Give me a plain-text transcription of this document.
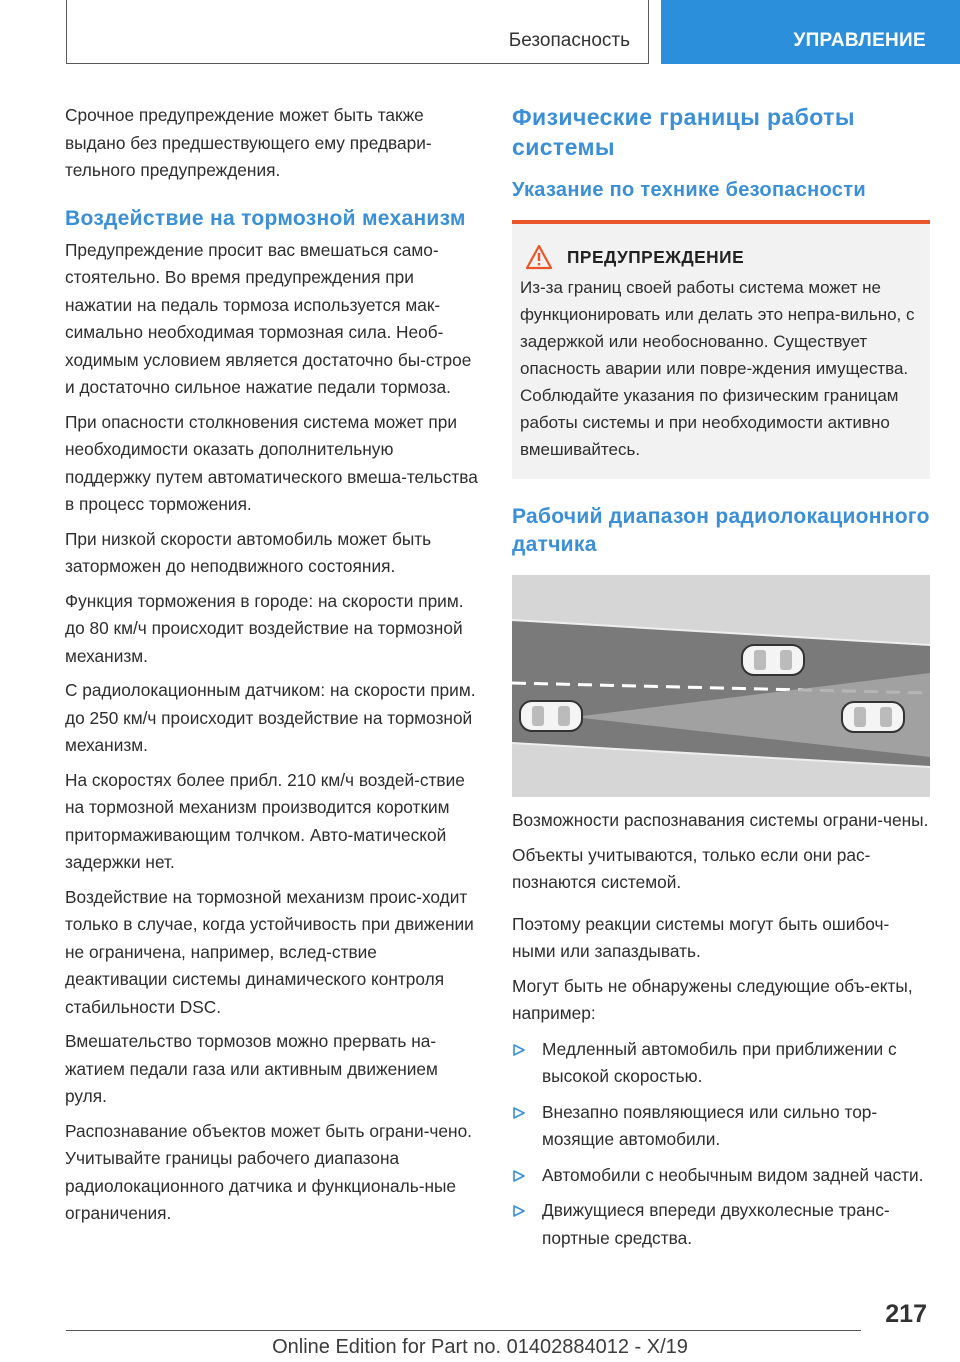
Безопасность	УПРАВЛЕНИЕ

Срочное предупреждение может быть также выдано без предшествующего ему предвари-тельного предупреждения.

Воздействие на тормозной механизм

Предупреждение просит вас вмешаться само-стоятельно. Во время предупреждения при нажатии на педаль тормоза используется мак-симально необходимая тормозная сила. Необ-ходимым условием является достаточно бы-строе и достаточно сильное нажатие педали тормоза.

При опасности столкновения система может при необходимости оказать дополнительную поддержку путем автоматического вмеша-тельства в процесс торможения.

При низкой скорости автомобиль может быть заторможен до неподвижного состояния.

Функция торможения в городе: на скорости прим. до 80 км/ч происходит воздействие на тормозной механизм.

С радиолокационным датчиком: на скорости прим. до 250 км/ч происходит воздействие на тормозной механизм.

На скоростях более прибл. 210 км/ч воздей-ствие на тормозной механизм производится коротким притормаживающим толчком. Авто-матической задержки нет.

Воздействие на тормозной механизм проис-ходит только в случае, когда устойчивость при движении не ограничена, например, вслед-ствие деактивации системы динамического контроля стабильности DSC.

Вмешательство тормозов можно прервать на-жатием педали газа или активным движением руля.

Распознавание объектов может быть ограни-чено. Учитывайте границы рабочего диапазона радиолокационного датчика и функциональ-ные ограничения.

Физические границы работы системы
Указание по технике безопасности
ПРЕДУПРЕЖДЕНИЕ

Из-за границ своей работы система может не функционировать или делать это непра-вильно, с задержкой или необоснованно. Существует опасность аварии или повре-ждения имущества. Соблюдайте указания по физическим границам работы системы и при необходимости активно вмешивайтесь.

Рабочий диапазон радиолокационного датчика

Возможности распознавания системы ограни-чены.

Объекты учитываются, только если они рас-познаются системой.

Поэтому реакции системы могут быть ошибоч-ными или запаздывать.

Могут быть не обнаружены следующие объ-екты, например:

Медленный автомобиль при приближении с высокой скоростью.
Внезапно появляющиеся или сильно тор-мозящие автомобили.
Автомобили с необычным видом задней части.
Движущиеся впереди двухколесные транс-портные средства.
217
Online Edition for Part no. 01402884012 - X/19
